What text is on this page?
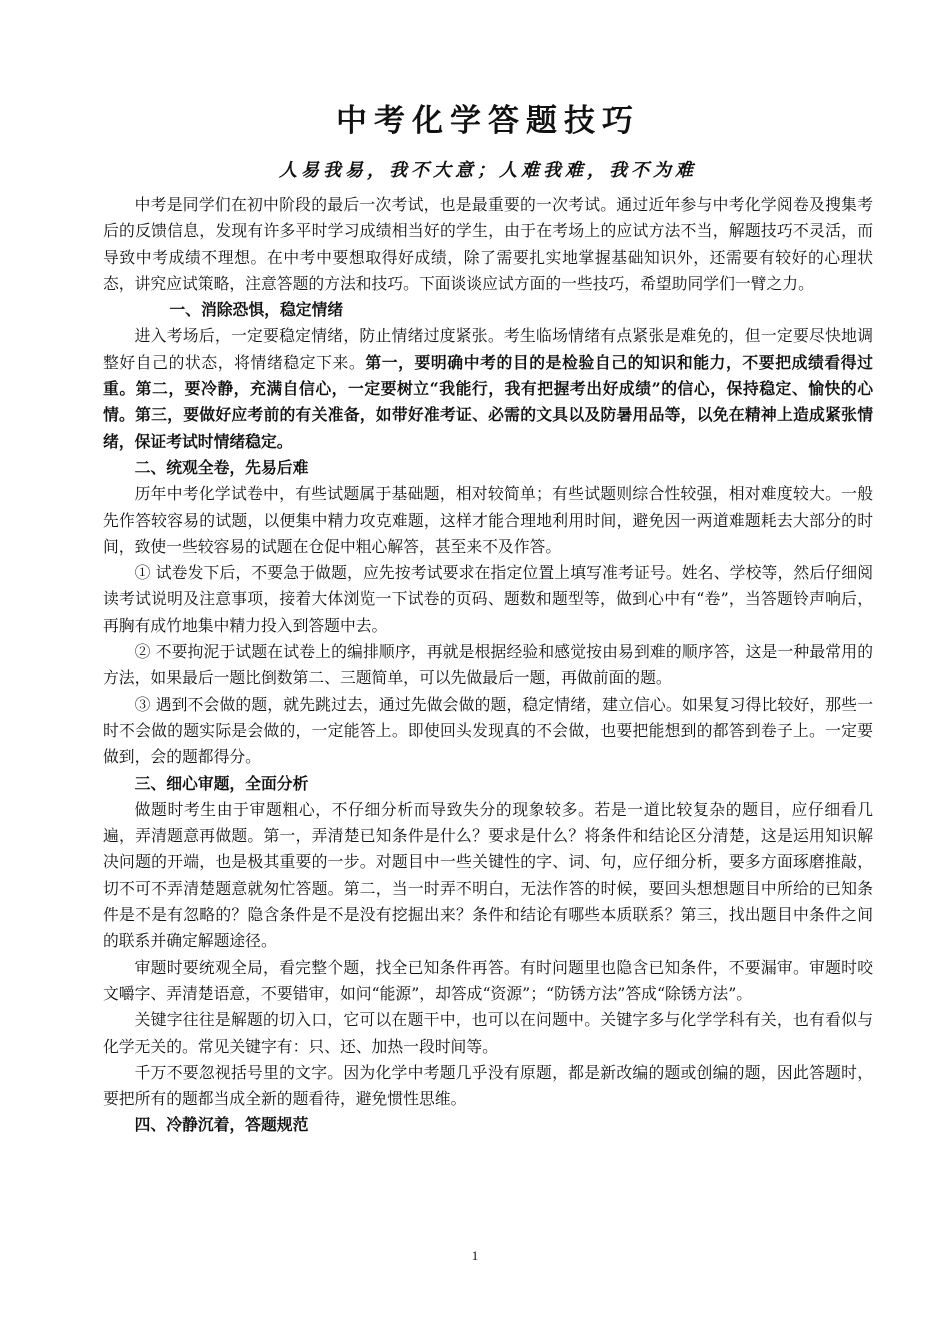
中考化学答题技巧
人易我易，我不大意；人难我难，我不为难

中考是同学们在初中阶段的最后一次考试，也是最重要的一次考试。通过近年参与中考化学阅卷及搜集考后的反馈信息，发现有许多平时学习成绩相当好的学生，由于在考场上的应试方法不当，解题技巧不灵活，而导致中考成绩不理想。在中考中要想取得好成绩，除了需要扎实地掌握基础知识外，还需要有较好的心理状态，讲究应试策略，注意答题的方法和技巧。下面谈谈应试方面的一些技巧，希望助同学们一臂之力。

一、消除恐惧，稳定情绪

进入考场后，一定要稳定情绪，防止情绪过度紧张。考生临场情绪有点紧张是难免的，但一定要尽快地调整好自己的状态，将情绪稳定下来。第一，要明确中考的目的是检验自己的知识和能力，不要把成绩看得过重。第二，要冷静，充满自信心，一定要树立“我能行，我有把握考出好成绩”的信心，保持稳定、愉快的心情。第三，要做好应考前的有关准备，如带好准考证、必需的文具以及防暑用品等，以免在精神上造成紧张情绪，保证考试时情绪稳定。

二、统观全卷，先易后难

历年中考化学试卷中，有些试题属于基础题，相对较简单；有些试题则综合性较强，相对难度较大。一般先作答较容易的试题，以便集中精力攻克难题，这样才能合理地利用时间，避免因一两道难题耗去大部分的时间，致使一些较容易的试题在仓促中粗心解答，甚至来不及作答。

① 试卷发下后，不要急于做题，应先按考试要求在指定位置上填写准考证号。姓名、学校等，然后仔细阅读考试说明及注意事项，接着大体浏览一下试卷的页码、题数和题型等，做到心中有“卷”，当答题铃声响后，再胸有成竹地集中精力投入到答题中去。

② 不要拘泥于试题在试卷上的编排顺序，再就是根据经验和感觉按由易到难的顺序答，这是一种最常用的方法，如果最后一题比倒数第二、三题简单，可以先做最后一题，再做前面的题。

③ 遇到不会做的题，就先跳过去，通过先做会做的题，稳定情绪，建立信心。如果复习得比较好，那些一时不会做的题实际是会做的，一定能答上。即使回头发现真的不会做，也要把能想到的都答到卷子上。一定要做到，会的题都得分。

三、细心审题，全面分析

做题时考生由于审题粗心，不仔细分析而导致失分的现象较多。若是一道比较复杂的题目，应仔细看几遍，弄清题意再做题。第一，弄清楚已知条件是什么？要求是什么？将条件和结论区分清楚，这是运用知识解决问题的开端，也是极其重要的一步。对题目中一些关键性的字、词、句，应仔细分析，要多方面琢磨推敲，切不可不弄清楚题意就匆忙答题。第二，当一时弄不明白，无法作答的时候，要回头想想题目中所给的已知条件是不是有忽略的？隐含条件是不是没有挖掘出来？条件和结论有哪些本质联系？第三，找出题目中条件之间的联系并确定解题途径。

审题时要统观全局，看完整个题，找全已知条件再答。有时问题里也隐含已知条件，不要漏审。审题时咬文嚼字、弄清楚语意，不要错审，如问“能源”，却答成“资源”；“防锈方法”答成“除锈方法”。

关键字往往是解题的切入口，它可以在题干中，也可以在问题中。关键字多与化学学科有关，也有看似与化学无关的。常见关键字有：只、还、加热一段时间等。

千万不要忽视括号里的文字。因为化学中考题几乎没有原题，都是新改编的题或创编的题，因此答题时，要把所有的题都当成全新的题看待，避免惯性思维。

四、冷静沉着，答题规范

1
